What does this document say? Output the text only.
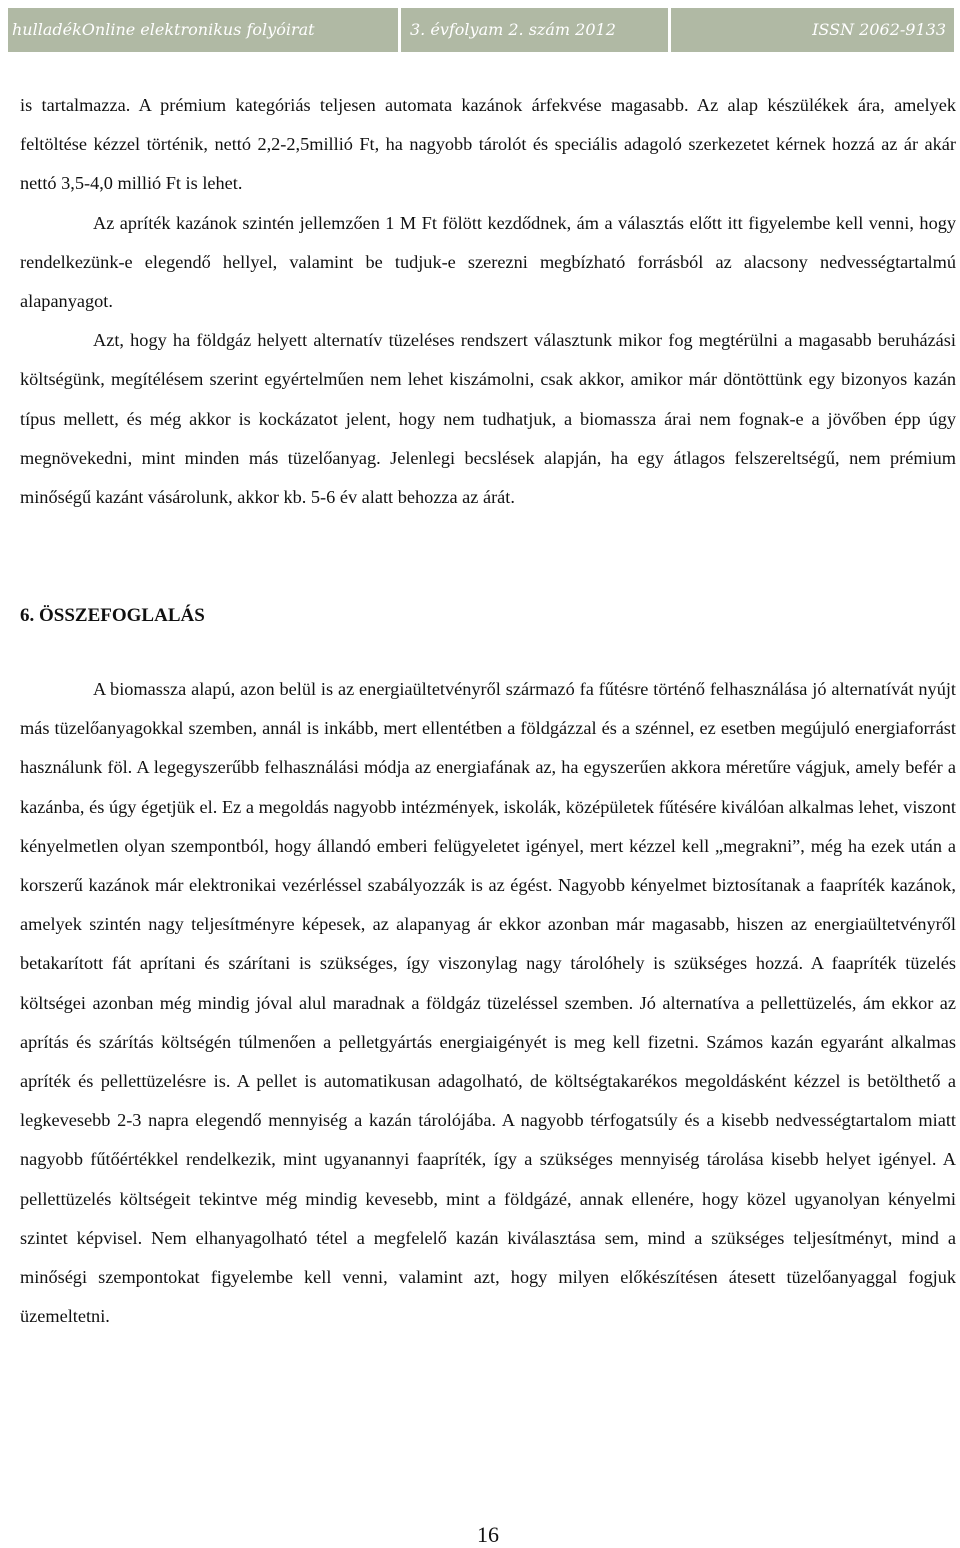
hulladékOnline elektronikus folyóirat	3. évfolyam 2. szám 2012	ISSN 2062-9133

is tartalmazza. A prémium kategóriás teljesen automata kazánok árfekvése magasabb. Az alap készülékek ára, amelyek feltöltése kézzel történik, nettó 2,2-2,5millió Ft, ha nagyobb tárolót és speciális adagoló szerkezetet kérnek hozzá az ár akár nettó 3,5-4,0 millió Ft is lehet.

Az apríték kazánok szintén jellemzően 1 M Ft fölött kezdődnek, ám a választás előtt itt figyelembe kell venni, hogy rendelkezünk-e elegendő hellyel, valamint be tudjuk-e szerezni megbízható forrásból az alacsony nedvességtartalmú alapanyagot.

Azt, hogy ha földgáz helyett alternatív tüzeléses rendszert választunk mikor fog megtérülni a magasabb beruházási költségünk, megítélésem szerint egyértelműen nem lehet kiszámolni, csak akkor, amikor már döntöttünk egy bizonyos kazán típus mellett, és még akkor is kockázatot jelent, hogy nem tudhatjuk, a biomassza árai nem fognak-e a jövőben épp úgy megnövekedni, mint minden más tüzelőanyag. Jelenlegi becslések alapján, ha egy átlagos felszereltségű, nem prémium minőségű kazánt vásárolunk, akkor kb. 5-6 év alatt behozza az árát.

6. ÖSSZEFOGLALÁS

A biomassza alapú, azon belül is az energiaültetvényről származó fa fűtésre történő felhasználása jó alternatívát nyújt más tüzelőanyagokkal szemben, annál is inkább, mert ellentétben a földgázzal és a szénnel, ez esetben megújuló energiaforrást használunk föl. A legegyszerűbb felhasználási módja az energiafának az, ha egyszerűen akkora méretűre vágjuk, amely befér a kazánba, és úgy égetjük el. Ez a megoldás nagyobb intézmények, iskolák, középületek fűtésére kiválóan alkalmas lehet, viszont kényelmetlen olyan szempontból, hogy állandó emberi felügyeletet igényel, mert kézzel kell „megrakni”, még ha ezek után a korszerű kazánok már elektronikai vezérléssel szabályozzák is az égést. Nagyobb kényelmet biztosítanak a faapríték kazánok, amelyek szintén nagy teljesítményre képesek, az alapanyag ár ekkor azonban már magasabb, hiszen az energiaültetvényről betakarított fát aprítani és szárítani is szükséges, így viszonylag nagy tárolóhely is szükséges hozzá. A faapríték tüzelés költségei azonban még mindig jóval alul maradnak a földgáz tüzeléssel szemben. Jó alternatíva a pellettüzelés, ám ekkor az aprítás és szárítás költségén túlmenően a pelletgyártás energiaigényét is meg kell fizetni. Számos kazán egyaránt alkalmas apríték és pellettüzelésre is. A pellet is automatikusan adagolható, de költségtakarékos megoldásként kézzel is betölthető a legkevesebb 2-3 napra elegendő mennyiség a kazán tárolójába. A nagyobb térfogatsúly és a kisebb nedvességtartalom miatt nagyobb fűtőértékkel rendelkezik, mint ugyanannyi faapríték, így a szükséges mennyiség tárolása kisebb helyet igényel. A pellettüzelés költségeit tekintve még mindig kevesebb, mint a földgázé, annak ellenére, hogy közel ugyanolyan kényelmi szintet képvisel. Nem elhanyagolható tétel a megfelelő kazán kiválasztása sem, mind a szükséges teljesítményt, mind a minőségi szempontokat figyelembe kell venni, valamint azt, hogy milyen előkészítésen átesett tüzelőanyaggal fogjuk üzemeltetni.

16
